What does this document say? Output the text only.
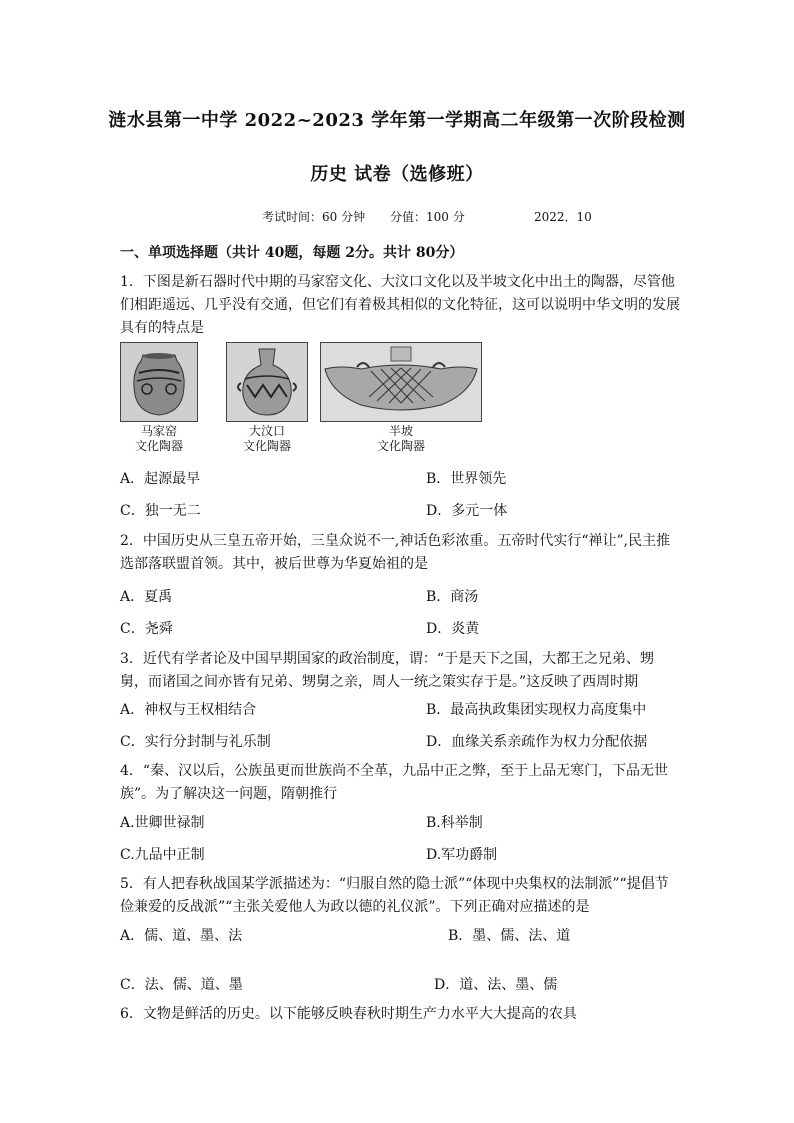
涟水县第一中学 2022~2023 学年第一学期高二年级第一次阶段检测
历史 试卷（选修班）
考试时间：60 分钟 分值：100 分	2022．10
一、单项选择题（共计 40题，每题 2分。共计 80分）
1．下图是新石器时代中期的马家窑文化、大汶口文化以及半坡文化中出土的陶器，尽管他们相距遥远、几乎没有交通，但它们有着极其相似的文化特征，这可以说明中华文明的发展具有的特点是
马家窑
文化陶器
大汶口
文化陶器
半坡
文化陶器
A．起源最早	B．世界领先
C．独一无二	D．多元一体
2．中国历史从三皇五帝开始，三皇众说不一,神话色彩浓重。五帝时代实行“禅让”,民主推选部落联盟首领。其中，被后世尊为华夏始祖的是
A．夏禹	B．商汤
C．尧舜	D．炎黄
3．近代有学者论及中国早期国家的政治制度，谓：“于是天下之国，大都王之兄弟、甥舅，而诸国之间亦皆有兄弟、甥舅之亲，周人一统之策实存于是。”这反映了西周时期
A．神权与王权相结合	B．最高执政集团实现权力高度集中
C．实行分封制与礼乐制	D．血缘关系亲疏作为权力分配依据
4．“秦、汉以后，公族虽更而世族尚不全革，九品中正之弊，至于上品无寒门，下品无世族”。为了解决这一问题，隋朝推行
A.世卿世禄制	B.科举制
C.九品中正制	D.军功爵制
5．有人把春秋战国某学派描述为：“归服自然的隐士派”“体现中央集权的法制派”“提倡节俭兼爱的反战派”“主张关爱他人为政以德的礼仪派”。下列正确对应描述的是
A．儒、道、墨、法	B．墨、儒、法、道
C．法、儒、道、墨	D．道、法、墨、儒
6．文物是鲜活的历史。以下能够反映春秋时期生产力水平大大提高的农具
